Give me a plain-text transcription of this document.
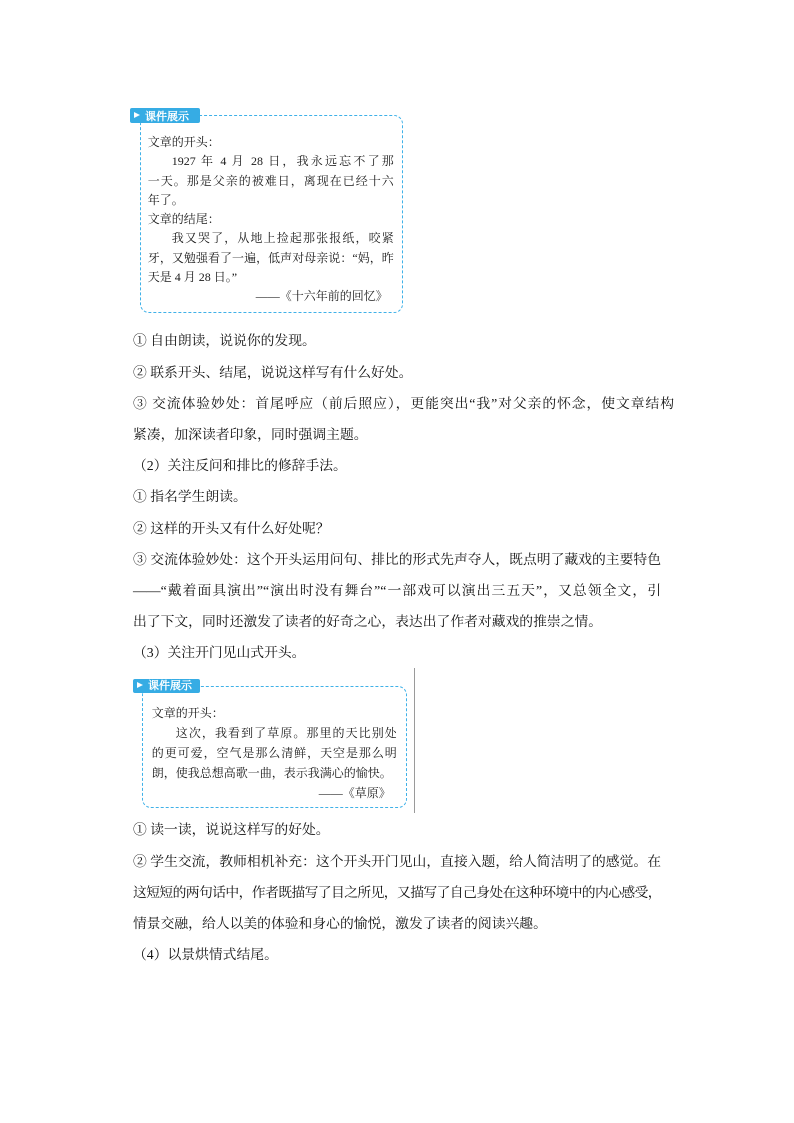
文章的开头：
1927 年 4 月 28 日，我永远忘不了那
一天。那是父亲的被难日，离现在已经十六
年了。
文章的结尾：
我又哭了，从地上捡起那张报纸，咬紧
牙，又勉强看了一遍，低声对母亲说：“妈，昨
天是 4 月 28 日。”
——《十六年前的回忆》
课件展示
① 自由朗读，说说你的发现。
② 联系开头、结尾，说说这样写有什么好处。
③ 交流体验妙处：首尾呼应（前后照应），更能突出“我”对父亲的怀念，使文章结构
紧凑，加深读者印象，同时强调主题。
（2）关注反问和排比的修辞手法。
① 指名学生朗读。
② 这样的开头又有什么好处呢？
③ 交流体验妙处：这个开头运用问句、排比的形式先声夺人，既点明了藏戏的主要特色
——“戴着面具演出”“演出时没有舞台”“一部戏可以演出三五天”，又总领全文，引
出了下文，同时还激发了读者的好奇之心，表达出了作者对藏戏的推崇之情。
（3）关注开门见山式开头。
文章的开头：
这次，我看到了草原。那里的天比别处
的更可爱，空气是那么清鲜，天空是那么明
朗，使我总想高歌一曲，表示我满心的愉快。
——《草原》
课件展示
① 读一读，说说这样写的好处。
② 学生交流，教师相机补充：这个开头开门见山，直接入题，给人简洁明了的感觉。在
这短短的两句话中，作者既描写了目之所见，又描写了自己身处在这种环境中的内心感受，
情景交融，给人以美的体验和身心的愉悦，激发了读者的阅读兴趣。
（4）以景烘情式结尾。
